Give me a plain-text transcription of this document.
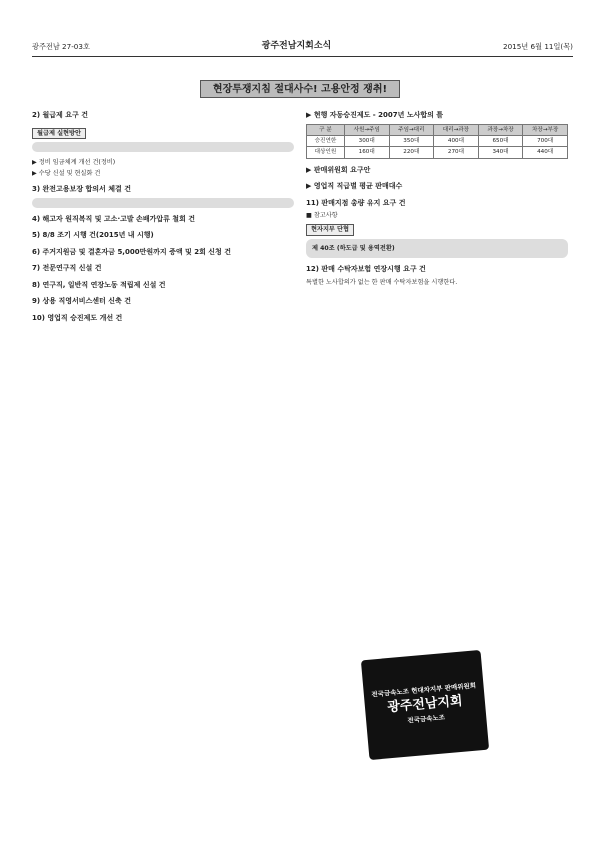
광주전남 27-03호	광주전남지회소식	2015년 6월 11일(목)
현장투쟁지침 절대사수! 고용안정 쟁취!
2) 월급제 요구 건
월급제 실현방안
▶ 정비 임금체계 개선 건(정비)
▶ 수당 신설 및 현실화 건
3) 완전고용보장 합의서 체결 건
4) 해고자 원직복직 및 고소·고발 손배가압류 철회 건
5) 8/8 조기 시행 건(2015년 내 시행)
6) 주거지원금 및 결혼자금 5,000만원까지 증액 및 2회 신청 건
7) 전문연구직 신설 건
8) 연구직, 일반직 연장노동 적립제 신설 건
9) 상용 직영서비스센터 신축 건
10) 영업직 승진제도 개선 건
▶ 현행 자동승진제도 - 2007년 노사합의 틀
구 분	사원→주임	주임→대리	대리→과장	과장→차장	차장→부장
승진연한	300대	350대	400대	650대	700대
대상인원	160대	220대	270대	340대	440대
▶ 판매위원회 요구안
▶ 영업직 직급별 평균 판매대수
11) 판매지점 총량 유지 요구 건
■ 참고사항
현자지부 단협
제 40조 (하도급 및 용역전환)
12) 판매 수탁자보험 연장시행 요구 건

특별한 노사합의가 없는 한 판매 수탁자보험을 시행한다.

전국금속노조 현대차지부 판매위원회
광주전남지회
전국금속노조
